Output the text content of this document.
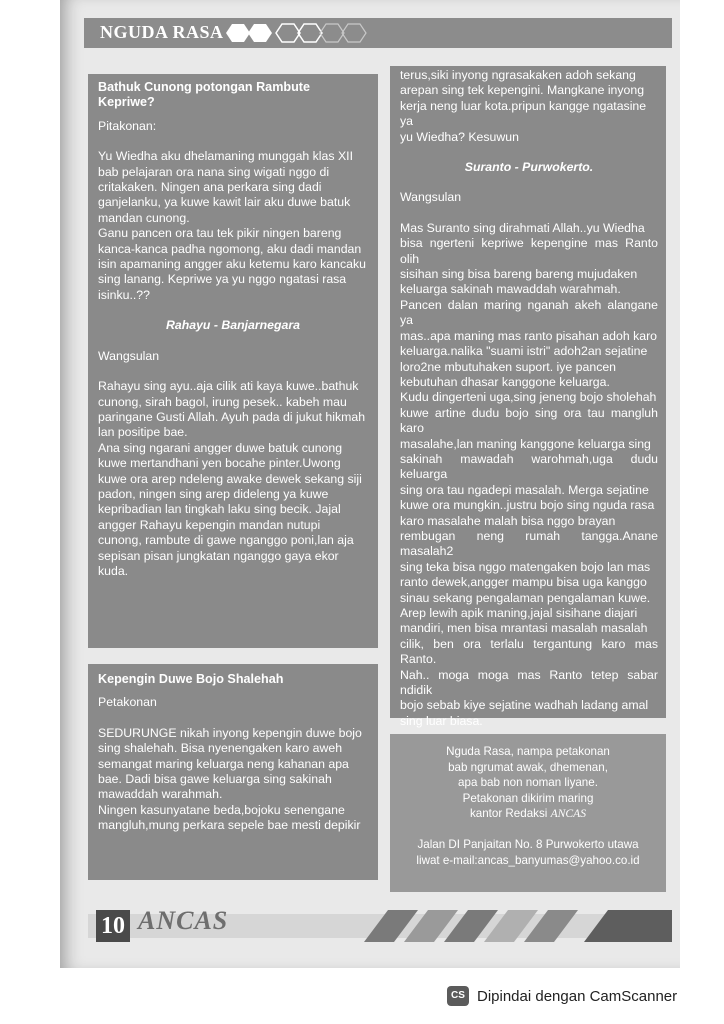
NGUDA RASA

Bathuk Cunong potongan Rambute Kepriwe?

Pitakonan:

Yu Wiedha aku dhelamaning munggah klas XII

bab pelajaran ora nana sing wigati nggo di

critakaken. Ningen ana perkara sing dadi

ganjelanku, ya kuwe kawit lair aku duwe batuk

mandan cunong.

Ganu pancen ora tau tek pikir ningen bareng

kanca-kanca padha ngomong, aku dadi mandan

isin apamaning angger aku ketemu karo kancaku

sing lanang. Kepriwe ya yu nggo ngatasi rasa

isinku..??

Rahayu - Banjarnegara

Wangsulan

Rahayu sing ayu..aja cilik ati kaya kuwe..bathuk

cunong, sirah bagol, irung pesek.. kabeh mau

paringane Gusti Allah. Ayuh pada di jukut hikmah

lan positipe bae.

Ana sing ngarani angger duwe batuk cunong

kuwe mertandhani yen bocahe pinter.Uwong

kuwe ora arep ndeleng awake dewek sekang siji

padon, ningen sing arep dideleng ya kuwe

kepribadian lan tingkah laku sing becik. Jajal

angger Rahayu kepengin mandan nutupi

cunong, rambute di gawe nganggo poni,lan aja

sepisan pisan jungkatan nganggo gaya ekor kuda.

Kepengin Duwe Bojo Shalehah

Petakonan

SEDURUNGE nikah inyong kepengin duwe bojo

sing shalehah. Bisa nyenengaken karo aweh

semangat maring keluarga neng kahanan apa

bae. Dadi bisa gawe keluarga sing sakinah

mawaddah warahmah.

Ningen kasunyatane beda,bojoku senengane

mangluh,mung perkara sepele bae mesti depikir

terus,siki inyong ngrasakaken adoh sekang

arepan sing tek kepengini. Mangkane inyong

kerja neng luar kota.pripun kangge ngatasine ya

yu Wiedha? Kesuwun

Suranto - Purwokerto.

Wangsulan

Mas Suranto sing dirahmati Allah..yu Wiedha

bisa ngerteni kepriwe kepengine mas Ranto olih

sisihan sing bisa bareng bareng mujudaken

keluarga sakinah mawaddah warahmah.

Pancen dalan maring nganah akeh alangane ya

mas..apa maning mas ranto pisahan adoh karo

keluarga.nalika "suami istri" adoh2an sejatine

loro2ne mbutuhaken suport. iye pancen

kebutuhan dhasar kanggone keluarga.

Kudu dingerteni uga,sing jeneng bojo sholehah

kuwe artine dudu bojo sing ora tau mangluh karo

masalahe,lan maning kanggone keluarga sing

sakinah mawadah warohmah,uga dudu keluarga

sing ora tau ngadepi masalah. Merga sejatine

kuwe ora mungkin..justru bojo sing nguda rasa

karo masalahe malah bisa nggo brayan

rembugan neng rumah tangga.Anane masalah2

sing teka bisa nggo matengaken bojo lan mas

ranto dewek,angger mampu bisa uga kanggo

sinau sekang pengalaman pengalaman kuwe.

Arep lewih apik maning,jajal sisihane diajari

mandiri, men bisa mrantasi masalah masalah

cilik, ben ora terlalu tergantung karo mas Ranto.

Nah.. moga moga mas Ranto tetep sabar ndidik

bojo sebab kiye sejatine wadhah ladang amal

sing luar biasa.

Nguda Rasa, nampa petakonan

bab ngrumat awak, dhemenan,

apa bab non noman liyane.

Petakonan dikirim maring

kantor Redaksi ANCAS

Jalan DI Panjaitan No. 8 Purwokerto utawa

liwat e-mail:ancas_banyumas@yahoo.co.id

10 ANCAS
CS Dipindai dengan CamScanner
